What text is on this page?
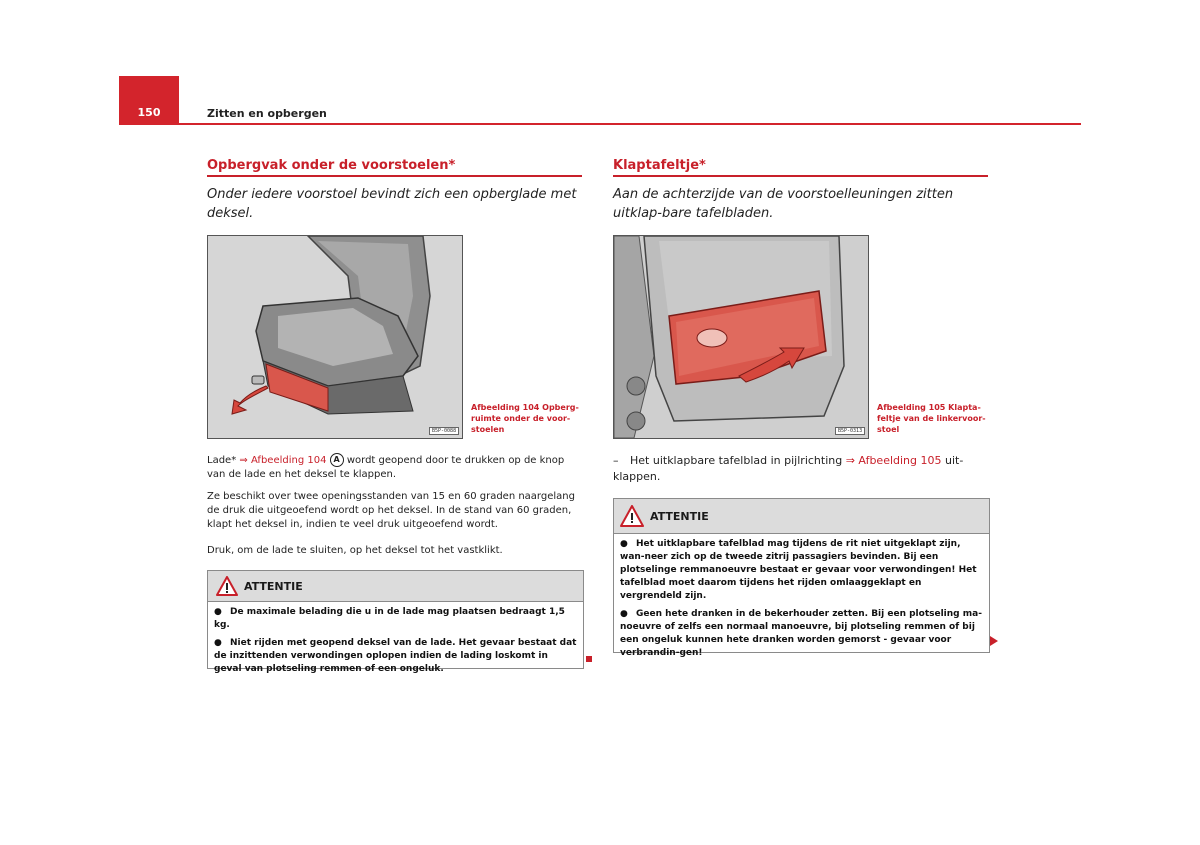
150	Zitten en opbergen
Opbergvak onder de voorstoelen*
Onder iedere voorstoel bevindt zich een opberglade met deksel.
B5P-0088
Afbeelding 104 Opberg-ruimte onder de voor-stoelen
Lade* ⇒ Afbeelding 104 A wordt geopend door te drukken op de knop van de lade en het deksel te klappen.
Ze beschikt over twee openingsstanden van 15 en 60 graden naargelang de druk die uitgeoefend wordt op het deksel. In de stand van 60 graden, klapt het deksel in, indien te veel druk uitgeoefend wordt.
Druk, om de lade te sluiten, op het deksel tot het vastklikt.
ATTENTIE

● De maximale belading die u in de lade mag plaatsen bedraagt 1,5 kg.

● Niet rijden met geopend deksel van de lade. Het gevaar bestaat dat de inzittenden verwondingen oplopen indien de lading loskomt in geval van plotseling remmen of een ongeluk.

Klaptafeltje*
Aan de achterzijde van de voorstoelleuningen zitten uitklap-bare tafelbladen.
B5P-0313
Afbeelding 105 Klapta-feltje van de linkervoor-stoel
– Het uitklapbare tafelblad in pijlrichting ⇒ Afbeelding 105 uit-klappen.
ATTENTIE

● Het uitklapbare tafelblad mag tijdens de rit niet uitgeklapt zijn, wan-neer zich op de tweede zitrij passagiers bevinden. Bij een plotselinge remmanoeuvre bestaat er gevaar voor verwondingen! Het tafelblad moet daarom tijdens het rijden omlaaggeklapt en vergrendeld zijn.

● Geen hete dranken in de bekerhouder zetten. Bij een plotseling ma-noeuvre of zelfs een normaal manoeuvre, bij plotseling remmen of bij een ongeluk kunnen hete dranken worden gemorst - gevaar voor verbrandin-gen!
